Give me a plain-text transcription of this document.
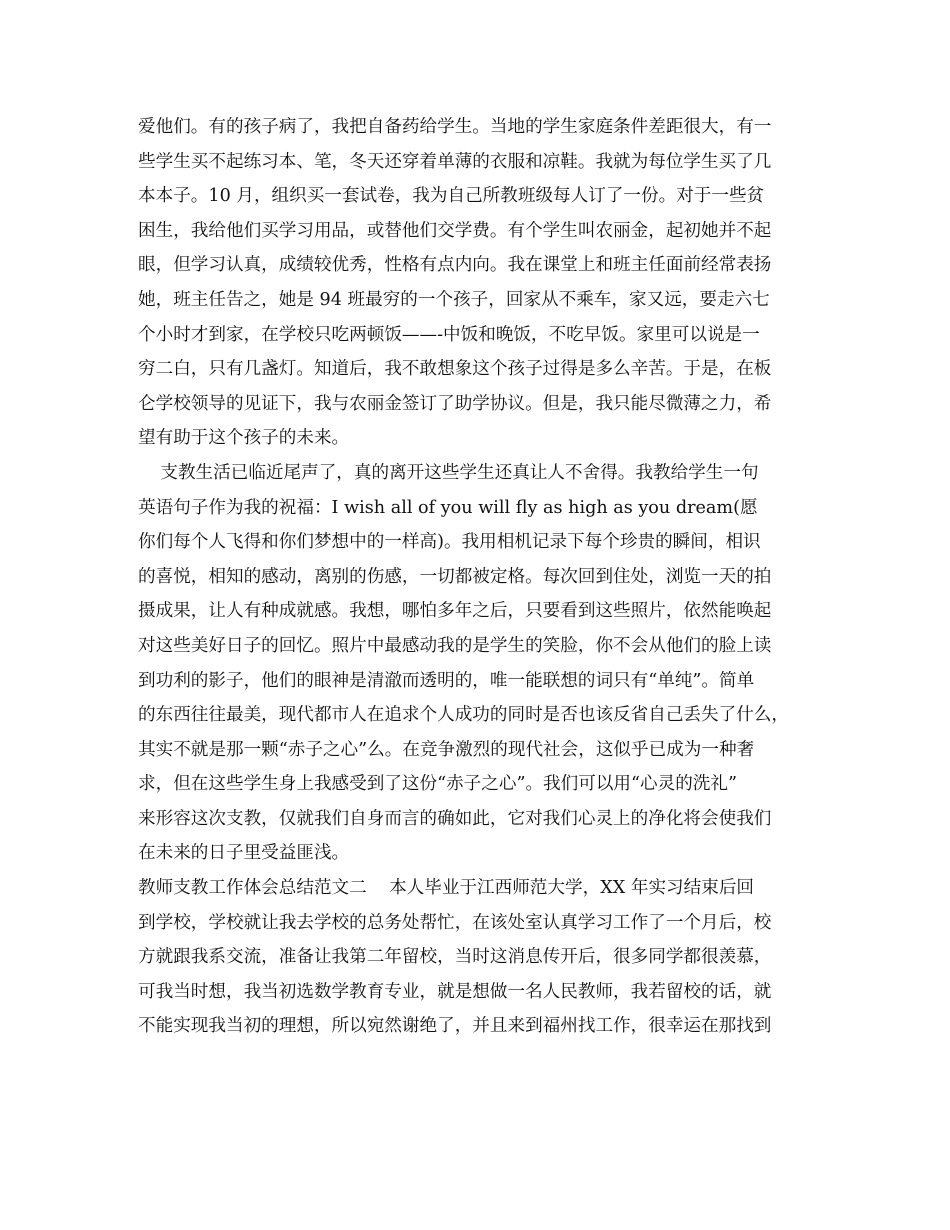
爱他们。有的孩子病了，我把自备药给学生。当地的学生家庭条件差距很大，有一
些学生买不起练习本、笔，冬天还穿着单薄的衣服和凉鞋。我就为每位学生买了几
本本子。10 月，组织买一套试卷，我为自己所教班级每人订了一份。对于一些贫
困生，我给他们买学习用品，或替他们交学费。有个学生叫农丽金，起初她并不起
眼，但学习认真，成绩较优秀，性格有点内向。我在课堂上和班主任面前经常表扬
她，班主任告之，她是 94 班最穷的一个孩子，回家从不乘车，家又远，要走六七
个小时才到家，在学校只吃两顿饭——-中饭和晚饭，不吃早饭。家里可以说是一
穷二白，只有几盏灯。知道后，我不敢想象这个孩子过得是多么辛苦。于是，在板
仑学校领导的见证下，我与农丽金签订了助学协议。但是，我只能尽微薄之力，希
望有助于这个孩子的未来。
支教生活已临近尾声了，真的离开这些学生还真让人不舍得。我教给学生一句
英语句子作为我的祝福：I wish all of you will fly as high as you dream(愿
你们每个人飞得和你们梦想中的一样高)。我用相机记录下每个珍贵的瞬间，相识
的喜悦，相知的感动，离别的伤感，一切都被定格。每次回到住处，浏览一天的拍
摄成果，让人有种成就感。我想，哪怕多年之后，只要看到这些照片，依然能唤起
对这些美好日子的回忆。照片中最感动我的是学生的笑脸，你不会从他们的脸上读
到功利的影子，他们的眼神是清澈而透明的，唯一能联想的词只有“单纯”。简单
的东西往往最美，现代都市人在追求个人成功的同时是否也该反省自己丢失了什么，
其实不就是那一颗“赤子之心”么。在竞争激烈的现代社会，这似乎已成为一种奢
求，但在这些学生身上我感受到了这份“赤子之心”。我们可以用“心灵的洗礼”
来形容这次支教，仅就我们自身而言的确如此，它对我们心灵上的净化将会使我们
在未来的日子里受益匪浅。
教师支教工作体会总结范文二    本人毕业于江西师范大学，XX 年实习结束后回
到学校，学校就让我去学校的总务处帮忙，在该处室认真学习工作了一个月后，校
方就跟我系交流，准备让我第二年留校，当时这消息传开后，很多同学都很羡慕，
可我当时想，我当初选数学教育专业，就是想做一名人民教师，我若留校的话，就
不能实现我当初的理想，所以宛然谢绝了，并且来到福州找工作，很幸运在那找到
